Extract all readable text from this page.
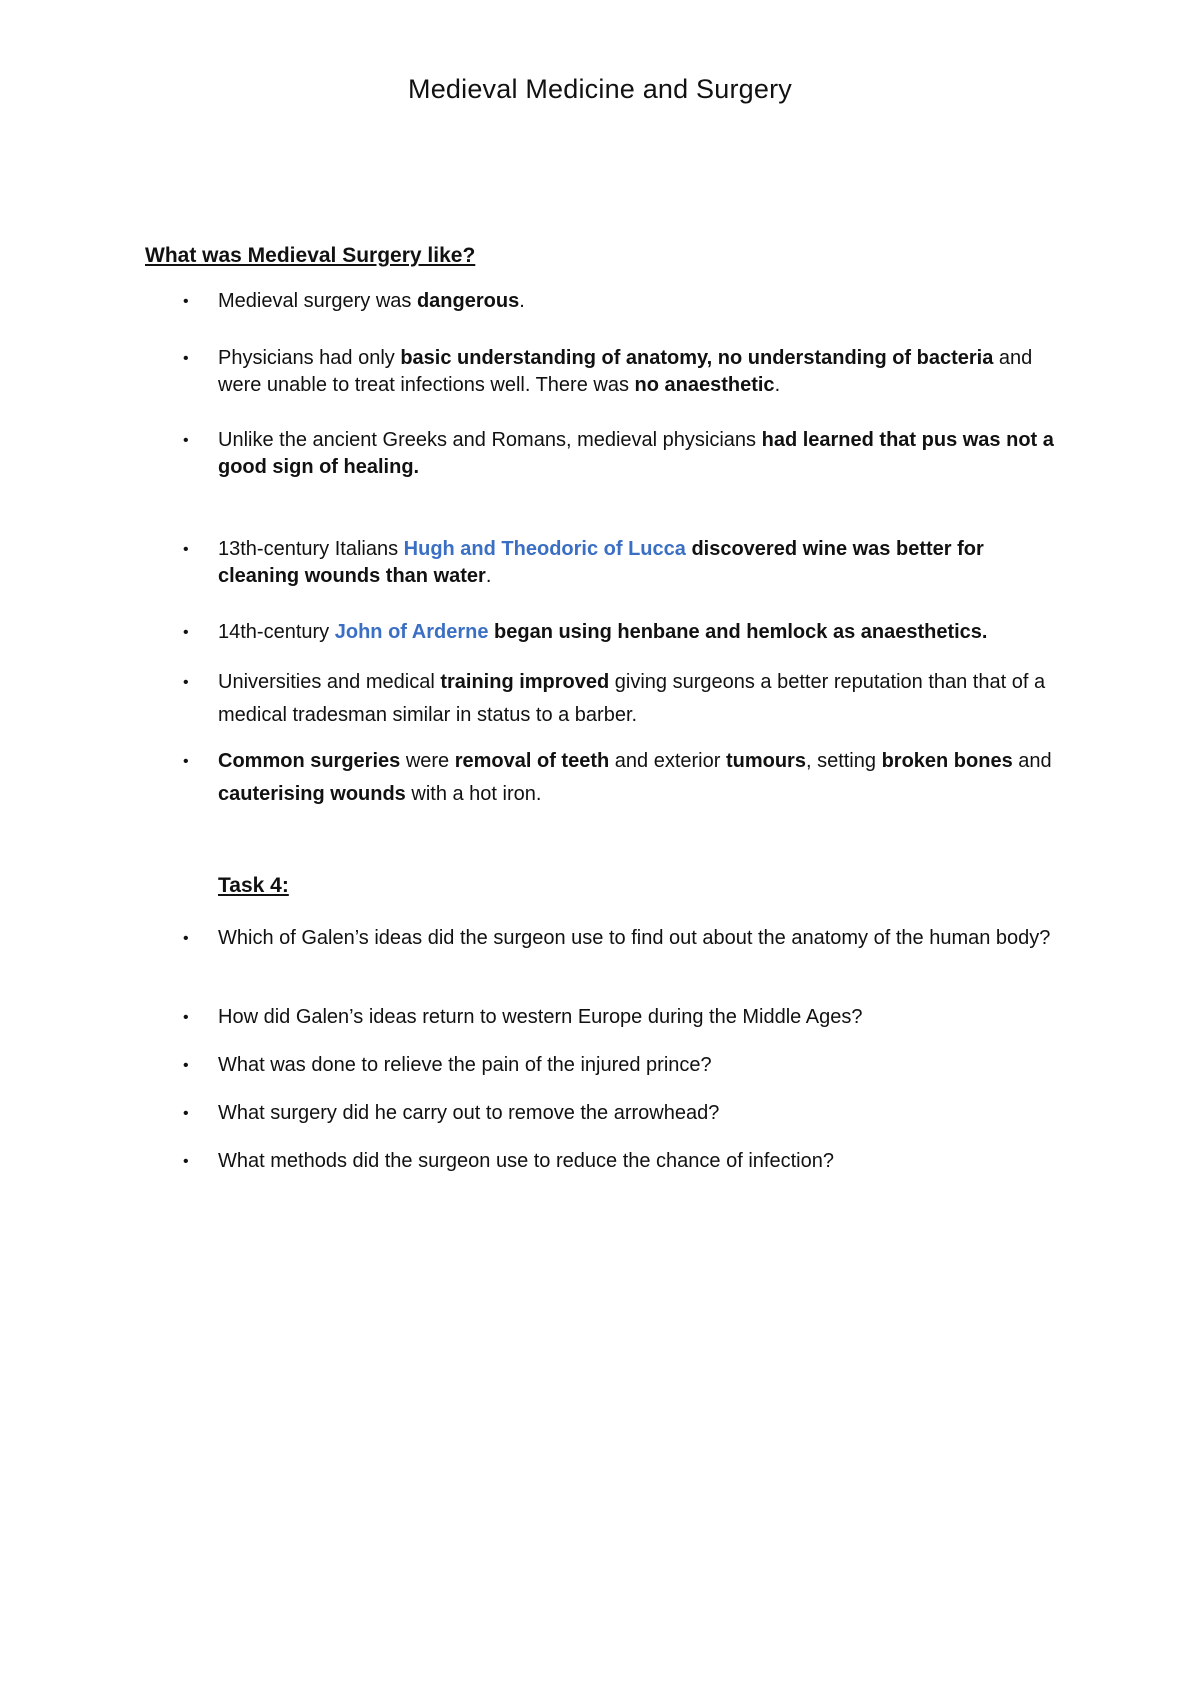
Medieval Medicine and Surgery
What was Medieval Surgery like?
• Medieval surgery was dangerous.
• Physicians had only basic understanding of anatomy, no understanding of bacteria and were unable to treat infections well. There was no anaesthetic.
• Unlike the ancient Greeks and Romans, medieval physicians had learned that pus was not a good sign of healing.
• 13th-century Italians Hugh and Theodoric of Lucca discovered wine was better for cleaning wounds than water.
• 14th-century John of Arderne began using henbane and hemlock as anaesthetics.
• Universities and medical training improved giving surgeons a better reputation than that of a medical tradesman similar in status to a barber.
• Common surgeries were removal of teeth and exterior tumours, setting broken bones and cauterising wounds with a hot iron.
Task 4:
• Which of Galen’s ideas did the surgeon use to find out about the anatomy of the human body?
• How did Galen’s ideas return to western Europe during the Middle Ages?
• What was done to relieve the pain of the injured prince?
• What surgery did he carry out to remove the arrowhead?
• What methods did the surgeon use to reduce the chance of infection?
